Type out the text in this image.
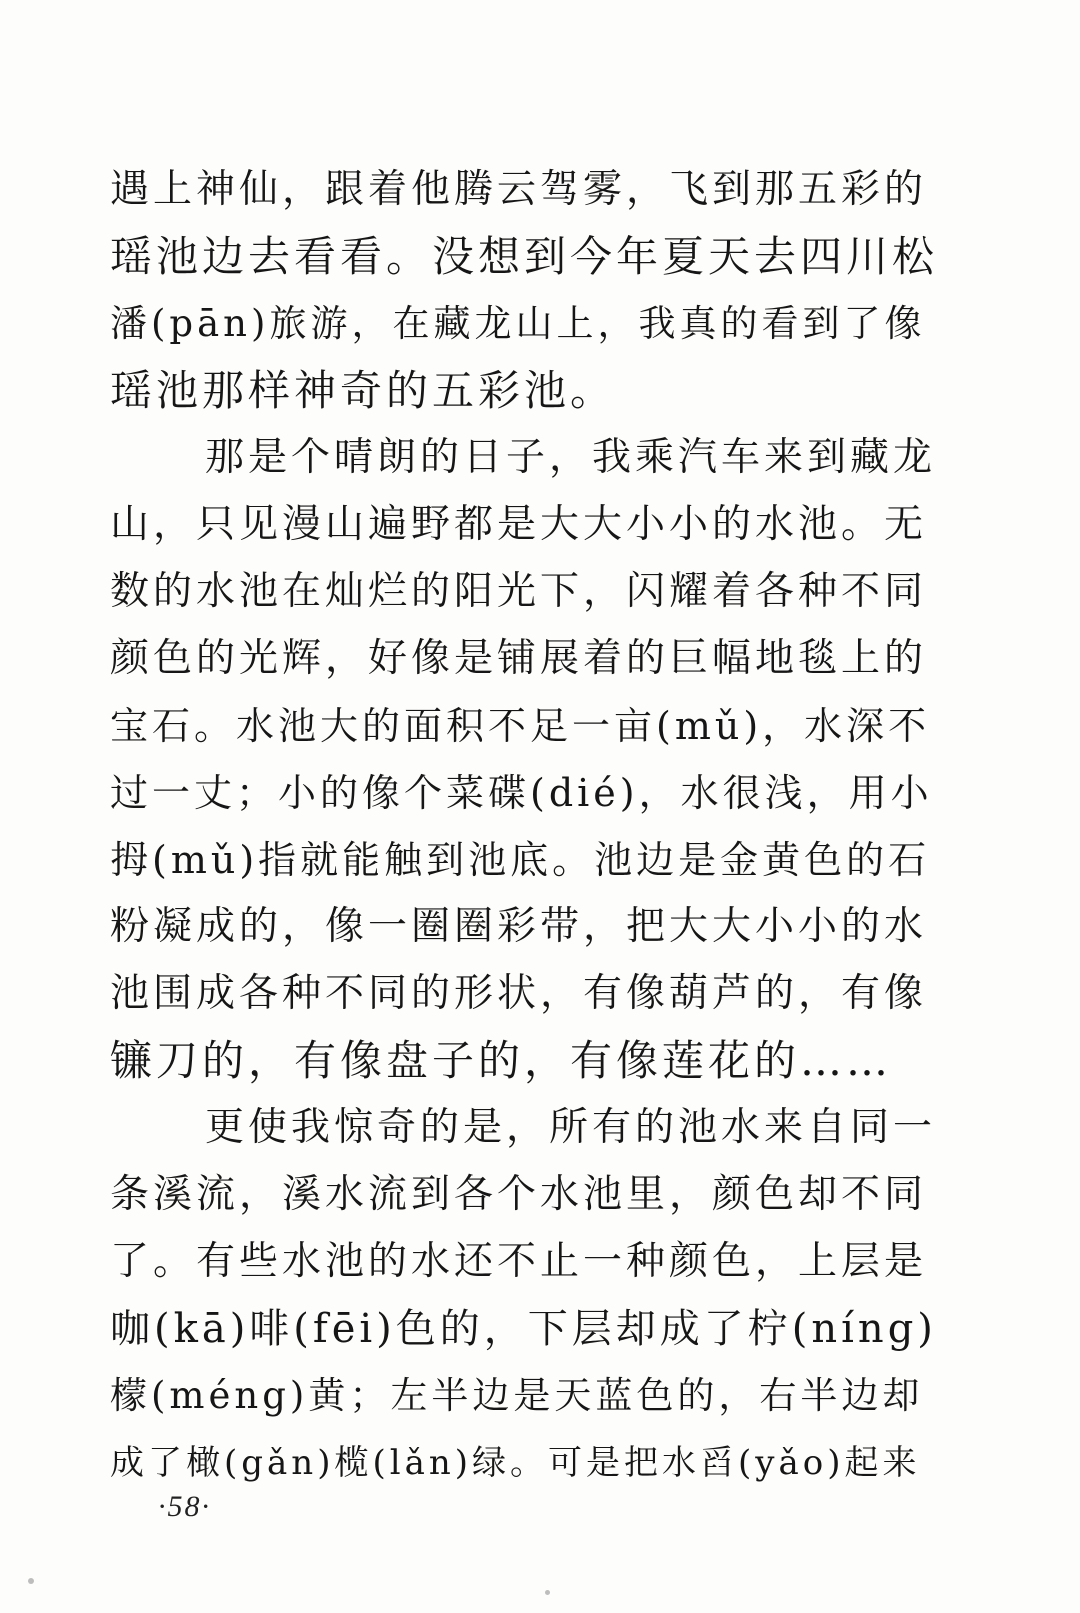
遇上神仙，跟着他腾云驾雾，飞到那五彩的
瑶池边去看看。没想到今年夏天去四川松
潘(pān)旅游，在藏龙山上，我真的看到了像
瑶池那样神奇的五彩池。
那是个晴朗的日子，我乘汽车来到藏龙
山，只见漫山遍野都是大大小小的水池。无
数的水池在灿烂的阳光下，闪耀着各种不同
颜色的光辉，好像是铺展着的巨幅地毯上的
宝石。水池大的面积不足一亩(mǔ)，水深不
过一丈；小的像个菜碟(dié)，水很浅，用小
拇(mǔ)指就能触到池底。池边是金黄色的石
粉凝成的，像一圈圈彩带，把大大小小的水
池围成各种不同的形状，有像葫芦的，有像
镰刀的，有像盘子的，有像莲花的……
更使我惊奇的是，所有的池水来自同一
条溪流，溪水流到各个水池里，颜色却不同
了。有些水池的水还不止一种颜色，上层是
咖(kā)啡(fēi)色的，下层却成了柠(níng)
檬(méng)黄；左半边是天蓝色的，右半边却
成了橄(gǎn)榄(lǎn)绿。可是把水舀(yǎo)起来
·58·
